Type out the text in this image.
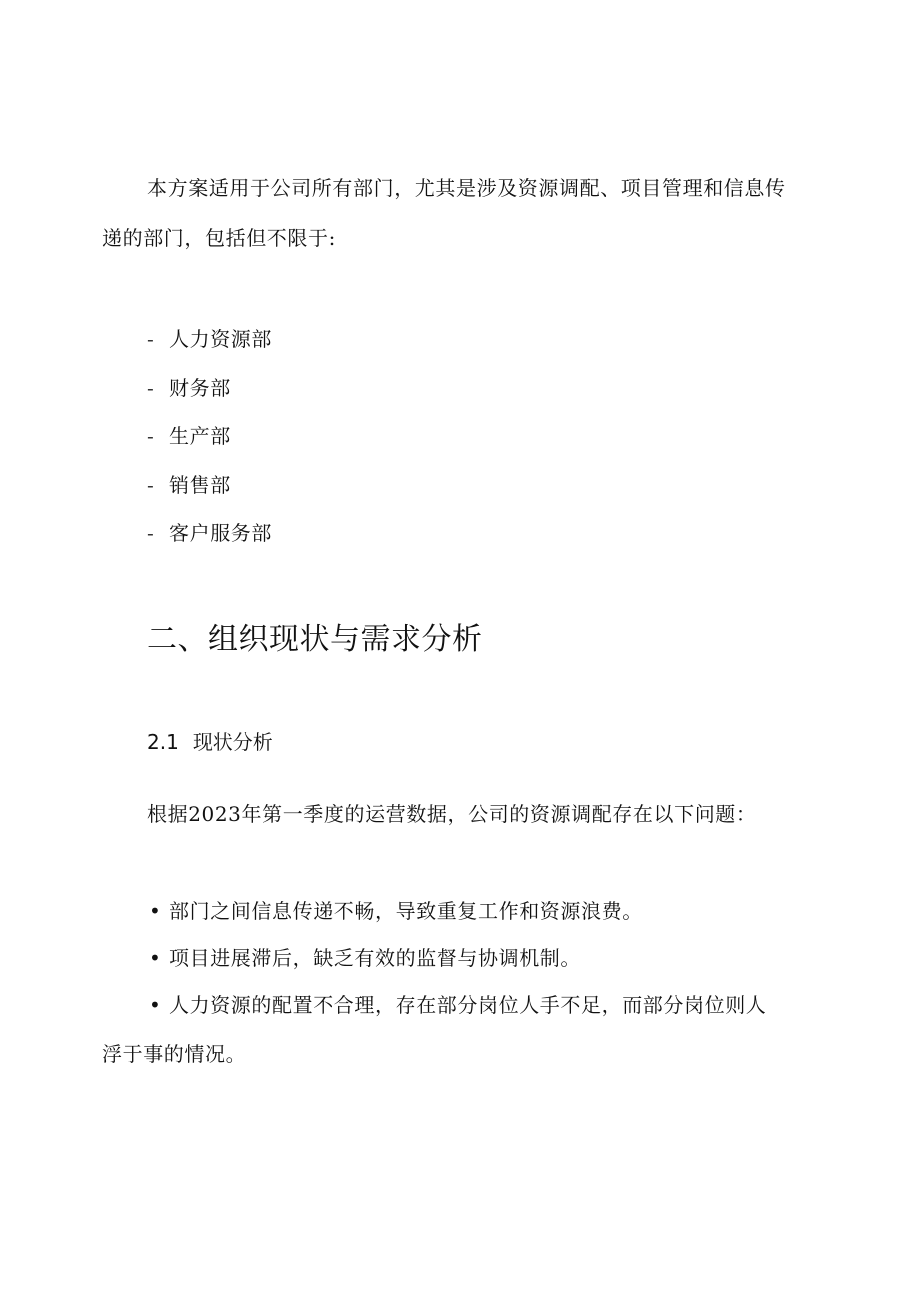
本方案适用于公司所有部门，尤其是涉及资源调配、项目管理和信息传

递的部门，包括但不限于:

- 人力资源部
- 财务部
- 生产部
- 销售部
- 客户服务部
二、组织现状与需求分析
2.1 现状分析

根据2023年第一季度的运营数据，公司的资源调配存在以下问题：

• 部门之间信息传递不畅，导致重复工作和资源浪费。

• 项目进展滞后，缺乏有效的监督与协调机制。

• 人力资源的配置不合理，存在部分岗位人手不足，而部分岗位则人

浮于事的情况。
